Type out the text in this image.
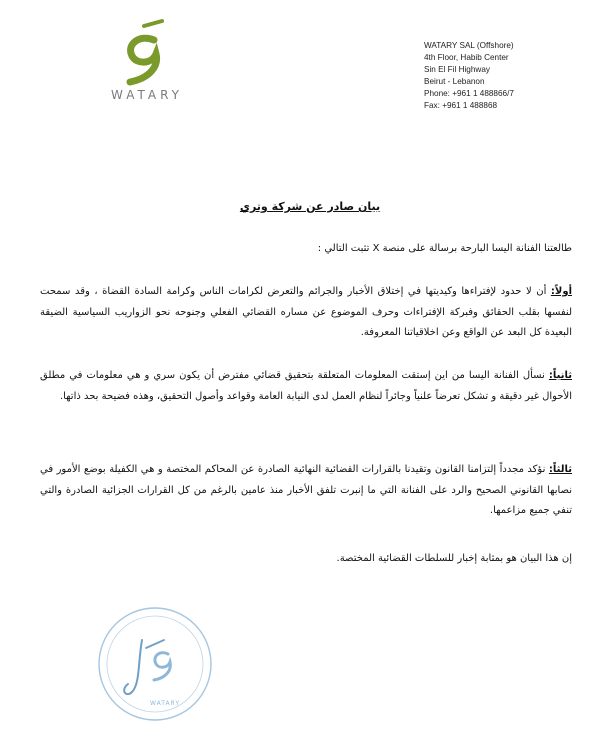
WATARY
WATARY SAL (Offshore)
4th Floor, Habib Center
Sin El Fil Highway
Beirut - Lebanon
Phone: +961 1 488866/7
Fax: +961 1 488868
بيان صادر عن شركة وتري
طالعتنا الفنانة اليسا البارحة برسالة على منصة X تثبت التالي :
أولاً: أن لا حدود لإفتراءها وكيديتها في إختلاق الأخبار والجرائم والتعرض لكرامات الناس وكرامة السادة القضاة ، وقد سمحت لنفسها بقلب الحقائق وفبركة الإفتراءات وحرف الموضوع عن مساره القضائي الفعلي وجنوحه نحو الزواريب السياسية الضيقة البعيدة كل البعد عن الواقع وعن اخلاقياتنا المعروفة.
ثانياً: نسأل الفنانة اليسا من اين إستقت المعلومات المتعلقة بتحقيق قضائي مفترض أن يكون سري و هي معلومات في مطلق الأحوال غير دقيقة و تشكل تعرضاً علنياً وجائراً لنظام العمل لدى النيابة العامة وقواعد وأصول التحقيق، وهذه فضيحة بحد ذاتها.
ثالثاً: نؤكد مجدداً إلتزامنا القانون وتقيدنا بالقرارات القضائية النهائية الصادرة عن المحاكم المختصة و هي الكفيلة بوضع الأمور في نصابها القانوني الصحيح والرد على الفنانة التي ما إنبرت تلفق الأخبار منذ عامين بالرغم من كل القرارات الجزائية الصادرة والتي تنفي جميع مزاعمها.
إن هذا البيان هو بمثابة إخبار للسلطات القضائية المختصة.
WATARY
